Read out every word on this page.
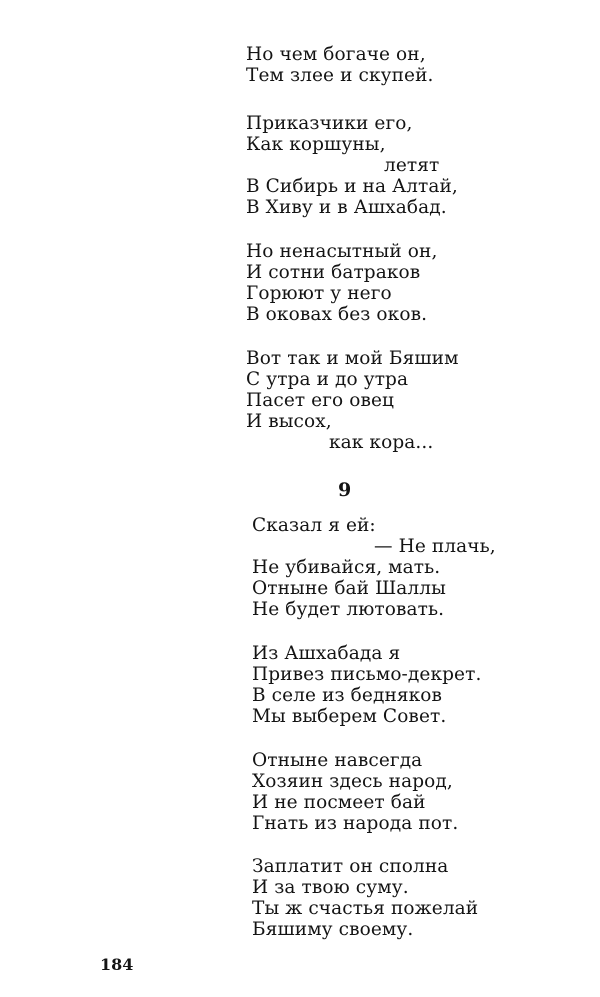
Но чем богаче он,
Тем злее и скупей.
Приказчики его,
Как коршуны,
летят
В Сибирь и на Алтай,
В Хиву и в Ашхабад.
Но ненасытный он,
И сотни батраков
Горюют у него
В оковах без оков.
Вот так и мой Бяшим
С утра и до утра
Пасет его овец
И высох,
как кора...
9
Сказал я ей:
— Не плачь,
Не убивайся, мать.
Отныне бай Шаллы
Не будет лютовать.
Из Ашхабада я
Привез письмо-декрет.
В селе из бедняков
Мы выберем Совет.
Отныне навсегда
Хозяин здесь народ,
И не посмеет бай
Гнать из народа пот.
Заплатит он сполна
И за твою суму.
Ты ж счастья пожелай
Бяшиму своему.
184
